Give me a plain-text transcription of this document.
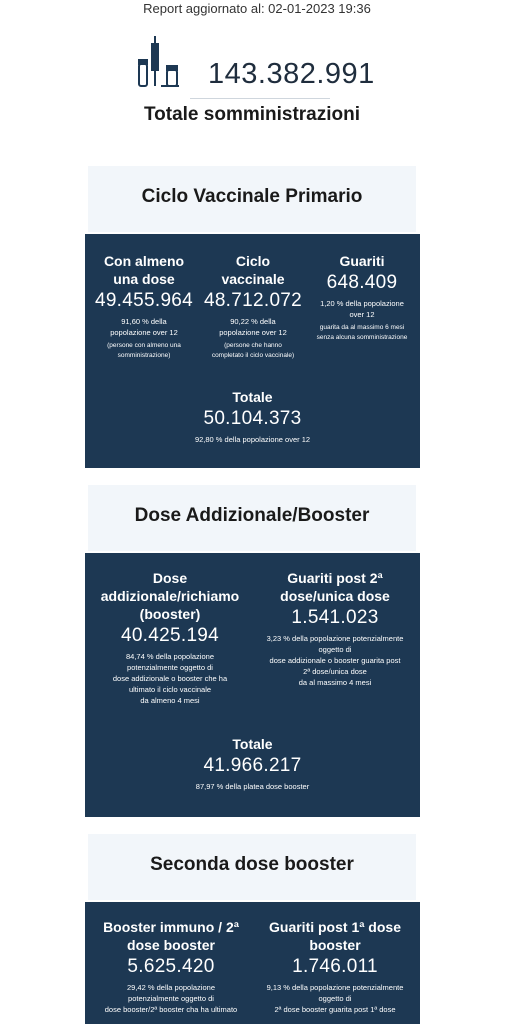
Report aggiornato al: 02-01-2023 19:36
143.382.991
Totale somministrazioni
Ciclo Vaccinale Primario
Con almeno
una dose
49.455.964
91,60 % della
popolazione over 12
(persone con almeno una
somministrazione)
Ciclo
vaccinale
48.712.072
90,22 % della
popolazione over 12
(persone che hanno
completato il ciclo vaccinale)
Guariti
648.409
1,20 % della popolazione
over 12
guarita da al massimo 6 mesi
senza alcuna somministrazione
Totale
50.104.373
92,80 % della popolazione over 12
Dose Addizionale/Booster
Dose
addizionale/richiamo
(booster)
40.425.194
84,74 % della popolazione
potenzialmente oggetto di
dose addizionale o booster che ha
ultimato il ciclo vaccinale
da almeno 4 mesi
Guariti post 2ª
dose/unica dose
1.541.023
3,23 % della popolazione potenzialmente
oggetto di
dose addizionale o booster guarita post
2ª dose/unica dose
da al massimo 4 mesi
Totale
41.966.217
87,97 % della platea dose booster
Seconda dose booster
Booster immuno / 2ª
dose booster
5.625.420
29,42 % della popolazione
potenzialmente oggetto di
dose booster/2ª booster cha ha ultimato
Guariti post 1ª dose
booster
1.746.011
9,13 % della popolazione potenzialmente
oggetto di
2ª dose booster guarita post 1ª dose
